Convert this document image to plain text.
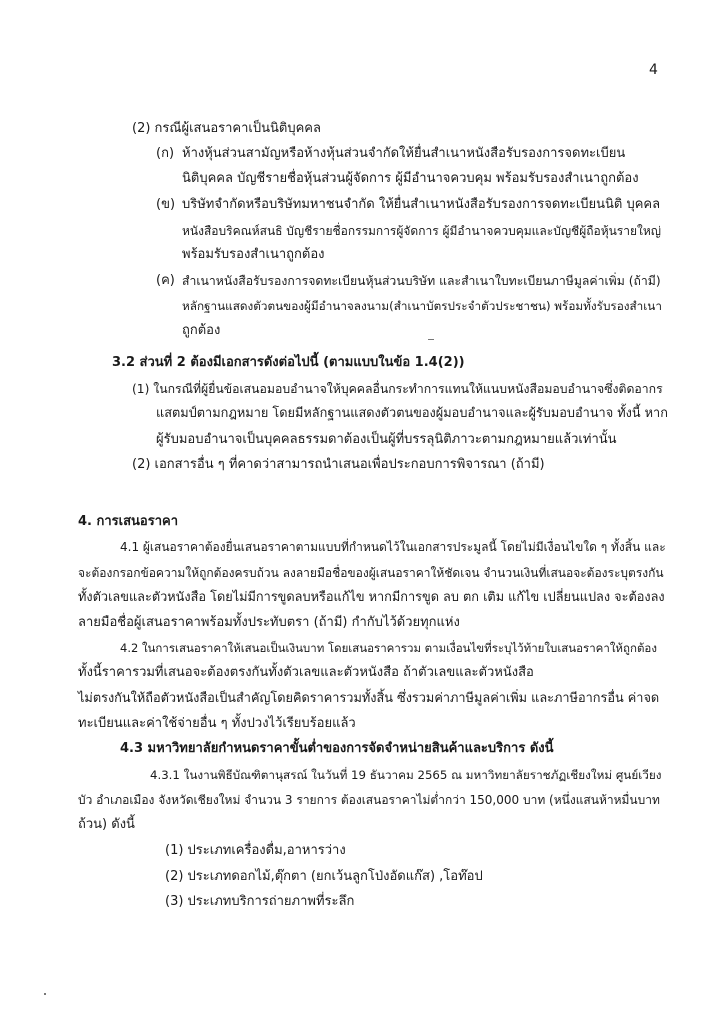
4
(2) กรณีผู้เสนอราคาเป็นนิติบุคคล
(ก) ห้างหุ้นส่วนสามัญหรือห้างหุ้นส่วนจำกัดให้ยื่นสำเนาหนังสือรับรองการจดทะเบียน
นิติบุคคล บัญชีรายชื่อหุ้นส่วนผู้จัดการ ผู้มีอำนาจควบคุม พร้อมรับรองสำเนาถูกต้อง
(ข) บริษัทจำกัดหรือบริษัทมหาชนจำกัด ให้ยื่นสำเนาหนังสือรับรองการจดทะเบียนนิติ บุคคล
หนังสือบริคณห์สนธิ บัญชีรายชื่อกรรมการผู้จัดการ ผู้มีอำนาจควบคุมและบัญชีผู้ถือหุ้นรายใหญ่
พร้อมรับรองสำเนาถูกต้อง
(ค) สำเนาหนังสือรับรองการจดทะเบียนหุ้นส่วนบริษัท และสำเนาใบทะเบียนภาษีมูลค่าเพิ่ม (ถ้ามี)
หลักฐานแสดงตัวตนของผู้มีอำนาจลงนาม(สำเนาบัตรประจำตัวประชาชน) พร้อมทั้งรับรองสำเนา
ถูกต้อง
3.2 ส่วนที่ 2 ต้องมีเอกสารดังต่อไปนี้ (ตามแบบในข้อ 1.4(2))
(1) ในกรณีที่ผู้ยื่นข้อเสนอมอบอำนาจให้บุคคลอื่นกระทำการแทนให้แนบหนังสือมอบอำนาจซึ่งติดอากร
แสตมป์ตามกฎหมาย โดยมีหลักฐานแสดงตัวตนของผู้มอบอำนาจและผู้รับมอบอำนาจ ทั้งนี้ หาก
ผู้รับมอบอำนาจเป็นบุคคลธรรมดาต้องเป็นผู้ที่บรรลุนิติภาวะตามกฎหมายแล้วเท่านั้น
(2) เอกสารอื่น ๆ ที่คาดว่าสามารถนำเสนอเพื่อประกอบการพิจารณา (ถ้ามี)
4. การเสนอราคา
4.1 ผู้เสนอราคาต้องยื่นเสนอราคาตามแบบที่กำหนดไว้ในเอกสารประมูลนี้ โดยไม่มีเงื่อนไขใด ๆ ทั้งสิ้น และ
จะต้องกรอกข้อความให้ถูกต้องครบถ้วน ลงลายมือชื่อของผู้เสนอราคาให้ชัดเจน จำนวนเงินที่เสนอจะต้องระบุตรงกัน
ทั้งตัวเลขและตัวหนังสือ โดยไม่มีการขูดลบหรือแก้ไข หากมีการขูด ลบ ตก เติม แก้ไข เปลี่ยนแปลง จะต้องลง
ลายมือชื่อผู้เสนอราคาพร้อมทั้งประทับตรา (ถ้ามี) กำกับไว้ด้วยทุกแห่ง
4.2 ในการเสนอราคาให้เสนอเป็นเงินบาท โดยเสนอราคารวม ตามเงื่อนไขที่ระบุไว้ท้ายใบเสนอราคาให้ถูกต้อง
ทั้งนี้ราคารวมที่เสนอจะต้องตรงกันทั้งตัวเลขและตัวหนังสือ ถ้าตัวเลขและตัวหนังสือ
ไม่ตรงกันให้ถือตัวหนังสือเป็นสำคัญโดยคิดราคารวมทั้งสิ้น ซึ่งรวมค่าภาษีมูลค่าเพิ่ม และภาษีอากรอื่น ค่าจด
ทะเบียนและค่าใช้จ่ายอื่น ๆ ทั้งปวงไว้เรียบร้อยแล้ว
4.3 มหาวิทยาลัยกำหนดราคาขั้นต่ำของการจัดจำหน่ายสินค้าและบริการ ดังนี้
4.3.1 ในงานพิธีบัณฑิตานุสรณ์ ในวันที่ 19 ธันวาคม 2565 ณ มหาวิทยาลัยราชภัฏเชียงใหม่ ศูนย์เวียง
บัว อำเภอเมือง จังหวัดเชียงใหม่ จำนวน 3 รายการ ต้องเสนอราคาไม่ต่ำกว่า 150,000 บาท (หนึ่งแสนห้าหมื่นบาท
ถ้วน) ดังนี้
(1) ประเภทเครื่องดื่ม,อาหารว่าง
(2) ประเภทดอกไม้,ตุ๊กตา (ยกเว้นลูกโป่งอัดแก๊ส) ,โอท๊อป
(3) ประเภทบริการถ่ายภาพที่ระลึก
